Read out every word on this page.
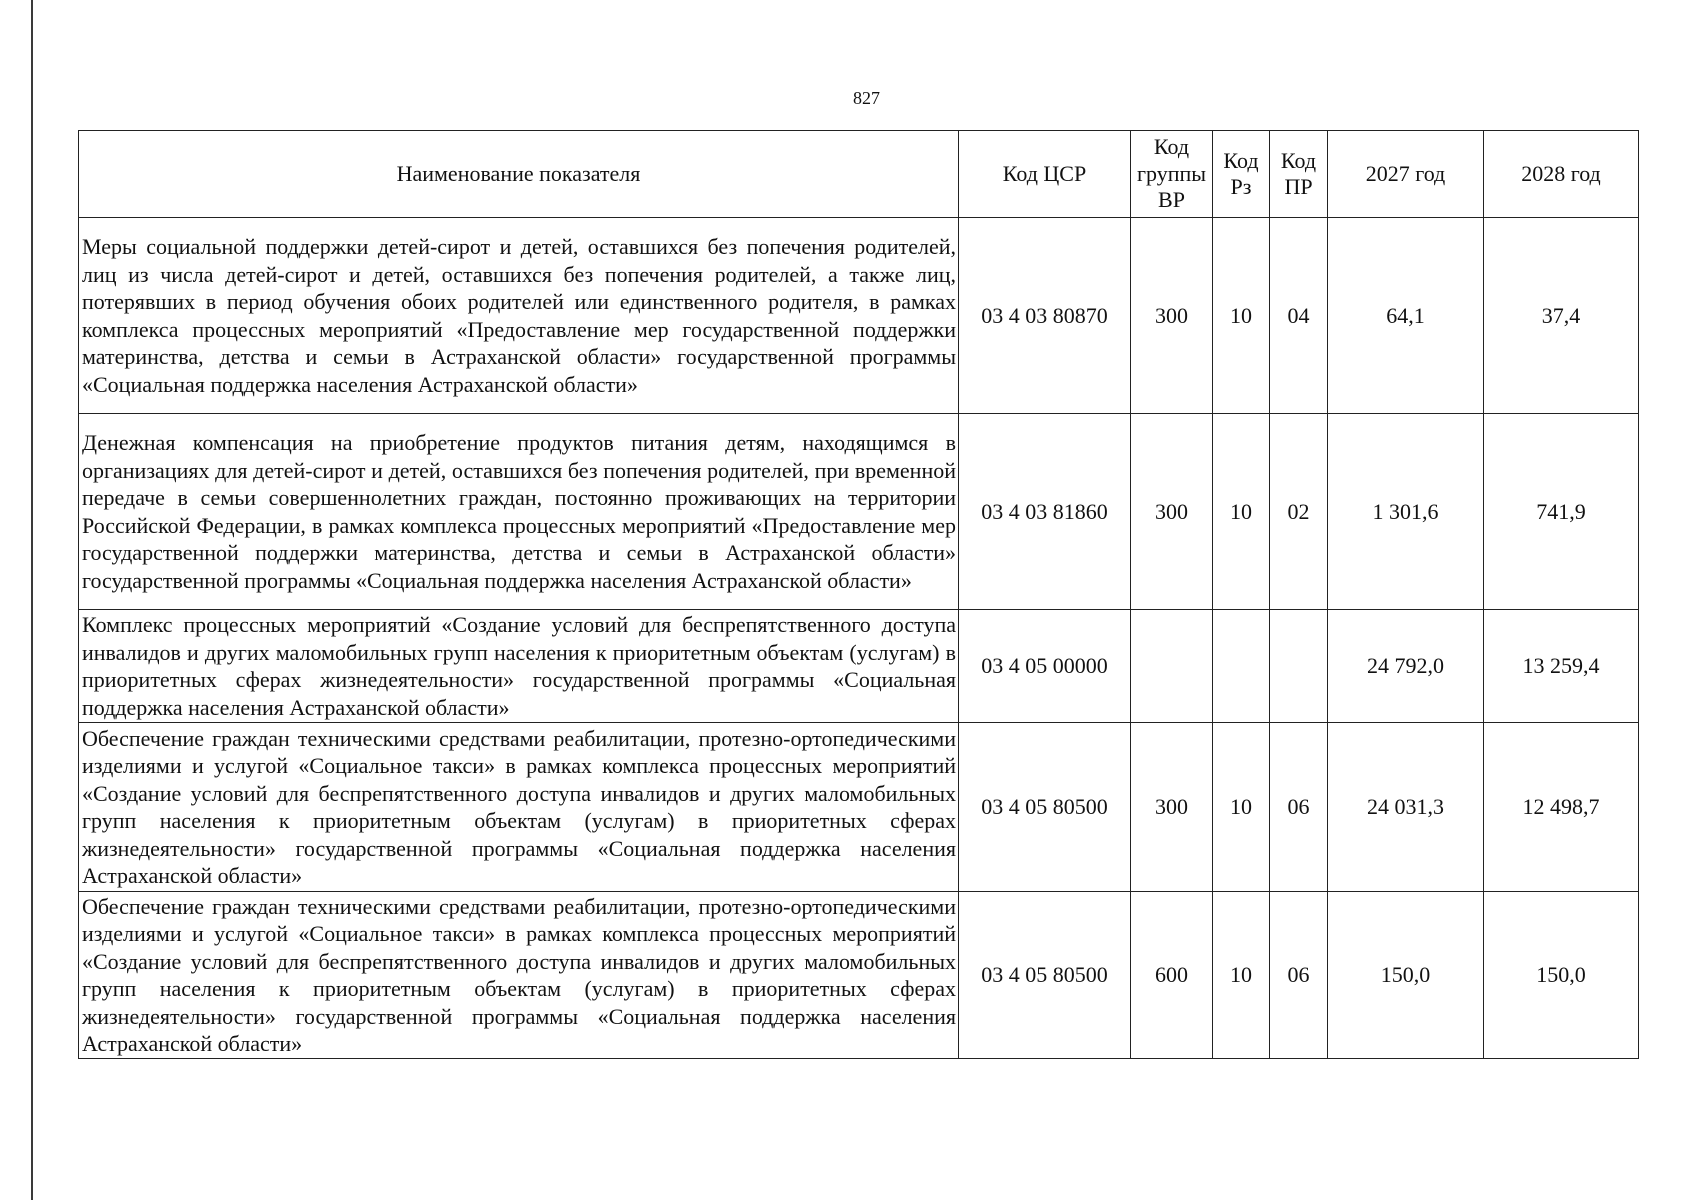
827
Наименование показателя	Код ЦСР	Код группы ВР	Код Рз	Код ПР	2027 год	2028 год
Меры социальной поддержки детей-сирот и детей, оставшихся без попечения родителей, лиц из числа детей-сирот и детей, оставшихся без попечения родителей, а также лиц, потерявших в период обучения обоих родителей или единственного родителя, в рамках комплекса процессных мероприятий «Предоставление мер государственной поддержки материнства, детства и семьи в Астраханской области» государственной программы «Социальная поддержка населения Астраханской области»	03 4 03 80870	300	10	04	64,1	37,4
Денежная компенсация на приобретение продуктов питания детям, находящимся в организациях для детей-сирот и детей, оставшихся без попечения родителей, при временной передаче в семьи совершеннолетних граждан, постоянно проживающих на территории Российской Федерации, в рамках комплекса процессных мероприятий «Предоставление мер государственной поддержки материнства, детства и семьи в Астраханской области» государственной программы «Социальная поддержка населения Астраханской области»	03 4 03 81860	300	10	02	1 301,6	741,9
Комплекс процессных мероприятий «Создание условий для беспрепятственного доступа инвалидов и других маломобильных групп населения к приоритетным объектам (услугам) в приоритетных сферах жизнедеятельности» государственной программы «Социальная поддержка населения Астраханской области»	03 4 05 00000				24 792,0	13 259,4
Обеспечение граждан техническими средствами реабилитации, протезно-ортопедическими изделиями и услугой «Социальное такси» в рамках комплекса процессных мероприятий «Создание условий для беспрепятственного доступа инвалидов и других маломобильных групп населения к приоритетным объектам (услугам) в приоритетных сферах жизнедеятельности» государственной программы «Социальная поддержка населения Астраханской области»	03 4 05 80500	300	10	06	24 031,3	12 498,7
Обеспечение граждан техническими средствами реабилитации, протезно-ортопедическими изделиями и услугой «Социальное такси» в рамках комплекса процессных мероприятий «Создание условий для беспрепятственного доступа инвалидов и других маломобильных групп населения к приоритетным объектам (услугам) в приоритетных сферах жизнедеятельности» государственной программы «Социальная поддержка населения Астраханской области»	03 4 05 80500	600	10	06	150,0	150,0
